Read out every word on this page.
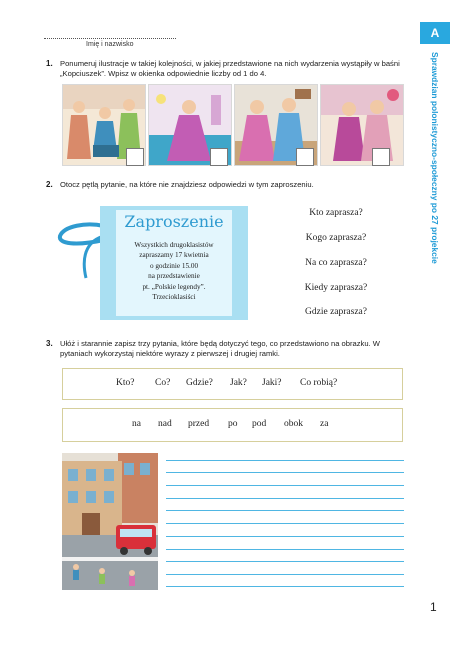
Imię i nazwisko
A
Sprawdzian polonistyczno-społeczny po 27 projekcie
1. Ponumeruj ilustracje w takiej kolejności, w jakiej przedstawione na nich wydarzenia wystąpiły w baśni „Kopciuszek”. Wpisz w okienka odpowiednie liczby od 1 do 4.
2. Otocz pętlą pytanie, na które nie znajdziesz odpowiedzi w tym zaproszeniu.
Zaproszenie
Wszystkich drugoklasistów
zapraszamy 17 kwietnia
o godzinie 15.00
na przedstawienie
pt. „Polskie legendy”.
Trzecioklasiści
Kto zaprasza?
Kogo zaprasza?
Na co zaprasza?
Kiedy zaprasza?
Gdzie zaprasza?
3. Ułóż i starannie zapisz trzy pytania, które będą dotyczyć tego, co przedstawiono na obrazku. W pytaniach wykorzystaj niektóre wyrazy z pierwszej i drugiej ramki.
Kto? Co? Gdzie? Jak? Jaki? Co robią?
na nad przed po pod obok za
1
